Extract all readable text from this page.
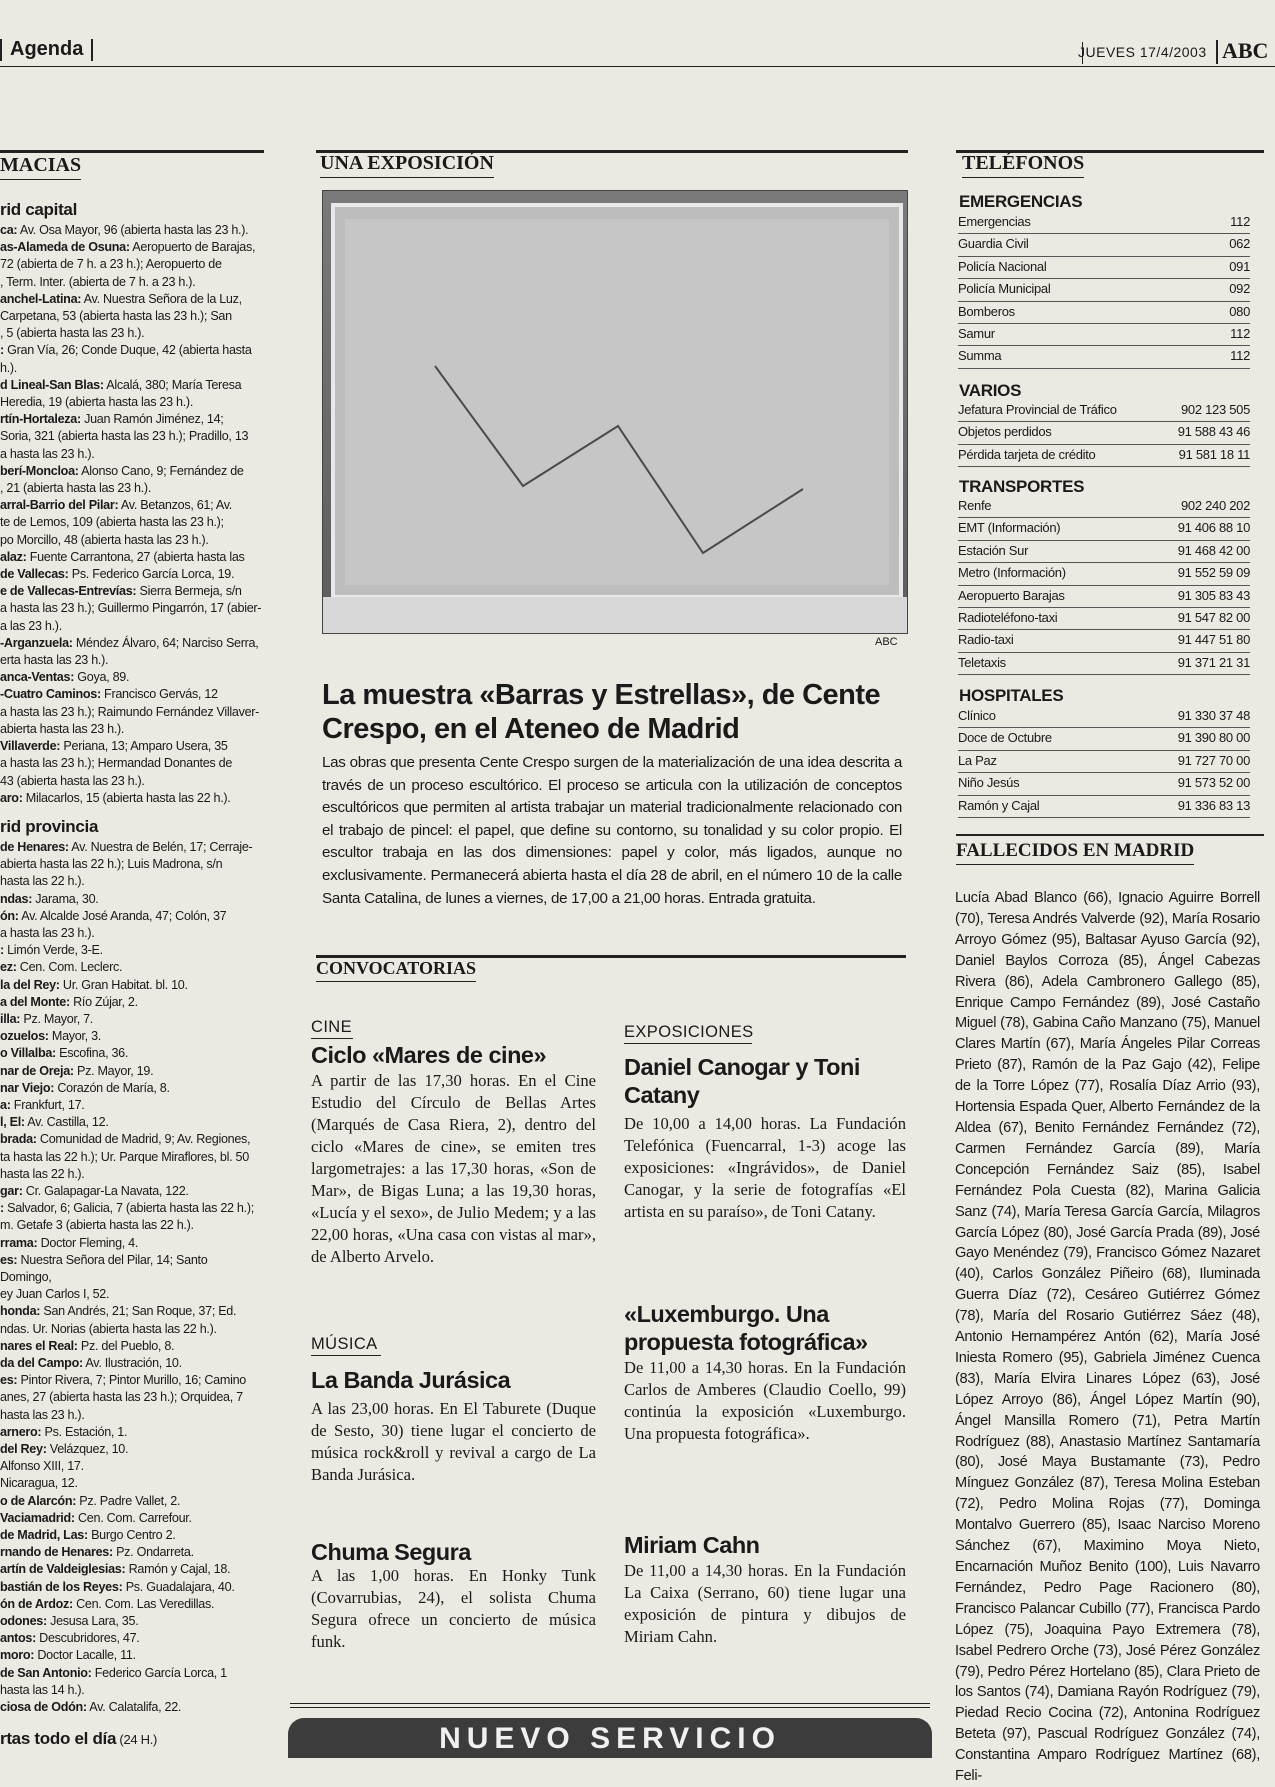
Agenda	JUEVES 17/4/2003 ABC
MACIAS
rid capital
ca: Av. Osa Mayor, 96 (abierta hasta las 23 h.).
as-Alameda de Osuna: Aeropuerto de Barajas,
72 (abierta de 7 h. a 23 h.); Aeropuerto de
, Term. Inter. (abierta de 7 h. a 23 h.).
anchel-Latina: Av. Nuestra Señora de la Luz,
Carpetana, 53 (abierta hasta las 23 h.); San
, 5 (abierta hasta las 23 h.).
: Gran Vía, 26; Conde Duque, 42 (abierta hasta
h.).
d Lineal-San Blas: Alcalá, 380; María Teresa
Heredia, 19 (abierta hasta las 23 h.).
rtín-Hortaleza: Juan Ramón Jiménez, 14;
Soria, 321 (abierta hasta las 23 h.); Pradillo, 13
a hasta las 23 h.).
berí-Moncloa: Alonso Cano, 9; Fernández de
, 21 (abierta hasta las 23 h.).
arral-Barrio del Pilar: Av. Betanzos, 61; Av.
te de Lemos, 109 (abierta hasta las 23 h.);
po Morcillo, 48 (abierta hasta las 23 h.).
alaz: Fuente Carrantona, 27 (abierta hasta las
de Vallecas: Ps. Federico García Lorca, 19.
e de Vallecas-Entrevías: Sierra Bermeja, s/n
a hasta las 23 h.); Guillermo Pingarrón, 17 (abier-
a las 23 h.).
-Arganzuela: Méndez Álvaro, 64; Narciso Serra,
erta hasta las 23 h.).
anca-Ventas: Goya, 89.
-Cuatro Caminos: Francisco Gervás, 12
a hasta las 23 h.); Raimundo Fernández Villaver-
abierta hasta las 23 h.).
Villaverde: Periana, 13; Amparo Usera, 35
a hasta las 23 h.); Hermandad Donantes de
43 (abierta hasta las 23 h.).
aro: Milacarlos, 15 (abierta hasta las 22 h.).
rid provincia
de Henares: Av. Nuestra de Belén, 17; Cerraje-
abierta hasta las 22 h.); Luis Madrona, s/n
hasta las 22 h.).
ndas: Jarama, 30.
ón: Av. Alcalde José Aranda, 47; Colón, 37
a hasta las 23 h.).
: Limón Verde, 3-E.
ez: Cen. Com. Leclerc.
la del Rey: Ur. Gran Habitat. bl. 10.
a del Monte: Río Zújar, 2.
illa: Pz. Mayor, 7.
ozuelos: Mayor, 3.
o Villalba: Escofina, 36.
nar de Oreja: Pz. Mayor, 19.
nar Viejo: Corazón de María, 8.
a: Frankfurt, 17.
l, El: Av. Castilla, 12.
brada: Comunidad de Madrid, 9; Av. Regiones,
ta hasta las 22 h.); Ur. Parque Miraflores, bl. 50
hasta las 22 h.).
gar: Cr. Galapagar-La Navata, 122.
: Salvador, 6; Galicia, 7 (abierta hasta las 22 h.);
m. Getafe 3 (abierta hasta las 22 h.).
rrama: Doctor Fleming, 4.
es: Nuestra Señora del Pilar, 14; Santo Domingo,
ey Juan Carlos I, 52.
honda: San Andrés, 21; San Roque, 37; Ed.
ndas. Ur. Norias (abierta hasta las 22 h.).
nares el Real: Pz. del Pueblo, 8.
da del Campo: Av. Ilustración, 10.
es: Pintor Rivera, 7; Pintor Murillo, 16; Camino
anes, 27 (abierta hasta las 23 h.); Orquidea, 7
hasta las 23 h.).
arnero: Ps. Estación, 1.
del Rey: Velázquez, 10.
Alfonso XIII, 17.
Nicaragua, 12.
o de Alarcón: Pz. Padre Vallet, 2.
Vaciamadrid: Cen. Com. Carrefour.
de Madrid, Las: Burgo Centro 2.
rnando de Henares: Pz. Ondarreta.
artín de Valdeiglesias: Ramón y Cajal, 18.
bastián de los Reyes: Ps. Guadalajara, 40.
ón de Ardoz: Cen. Com. Las Veredillas.
odones: Jesusa Lara, 35.
antos: Descubridores, 47.
moro: Doctor Lacalle, 11.
de San Antonio: Federico García Lorca, 1
hasta las 14 h.).
ciosa de Odón: Av. Calatalifa, 22.
rtas todo el día (24 H.)
UNA EXPOSICIÓN
ABC
La muestra «Barras y Estrellas», de Cente Crespo, en el Ateneo de Madrid
Las obras que presenta Cente Crespo surgen de la materialización de una idea descrita a través de un proceso escultórico. El proceso se articula con la utilización de conceptos escultóricos que permiten al artista trabajar un material tradicionalmente relacionado con el trabajo de pincel: el papel, que define su contorno, su tonalidad y su color propio. El escultor trabaja en las dos dimensiones: papel y color, más ligados, aunque no exclusivamente. Permanecerá abierta hasta el día 28 de abril, en el número 10 de la calle Santa Catalina, de lunes a viernes, de 17,00 a 21,00 horas. Entrada gratuita.
CONVOCATORIAS
CINE
Ciclo «Mares de cine»
A partir de las 17,30 horas. En el Cine Estudio del Círculo de Bellas Artes (Marqués de Casa Riera, 2), dentro del ciclo «Mares de cine», se emiten tres largometrajes: a las 17,30 horas, «Son de Mar», de Bigas Luna; a las 19,30 horas, «Lucía y el sexo», de Julio Medem; y a las 22,00 horas, «Una casa con vistas al mar», de Alberto Arvelo.
MÚSICA
La Banda Jurásica
A las 23,00 horas. En El Taburete (Duque de Sesto, 30) tiene lugar el concierto de música rock&roll y revival a cargo de La Banda Jurásica.
Chuma Segura
A las 1,00 horas. En Honky Tunk (Covarrubias, 24), el solista Chuma Segura ofrece un concierto de música funk.
EXPOSICIONES
Daniel Canogar y Toni Catany
De 10,00 a 14,00 horas. La Fundación Telefónica (Fuencarral, 1-3) acoge las exposiciones: «Ingrávidos», de Daniel Canogar, y la serie de fotografías «El artista en su paraíso», de Toni Catany.
«Luxemburgo. Una propuesta fotográfica»
De 11,00 a 14,30 horas. En la Fundación Carlos de Amberes (Claudio Coello, 99) continúa la exposición «Luxemburgo. Una propuesta fotográfica».
Miriam Cahn
De 11,00 a 14,30 horas. En la Fundación La Caixa (Serrano, 60) tiene lugar una exposición de pintura y dibujos de Miriam Cahn.
NUEVO SERVICIO
TELÉFONOS
EMERGENCIAS
Emergencias	112
Guardia Civil	062
Policía Nacional	091
Policía Municipal	092
Bomberos	080
Samur	112
Summa	112
VARIOS
Jefatura Provincial de Tráfico	902 123 505
Objetos perdidos	91 588 43 46
Pérdida tarjeta de crédito	91 581 18 11
TRANSPORTES
Renfe	902 240 202
EMT (Información)	91 406 88 10
Estación Sur	91 468 42 00
Metro (Información)	91 552 59 09
Aeropuerto Barajas	91 305 83 43
Radioteléfono-taxi	91 547 82 00
Radio-taxi	91 447 51 80
Teletaxis	91 371 21 31
HOSPITALES
Clínico	91 330 37 48
Doce de Octubre	91 390 80 00
La Paz	91 727 70 00
Niño Jesús	91 573 52 00
Ramón y Cajal	91 336 83 13
FALLECIDOS EN MADRID
Lucía Abad Blanco (66), Ignacio Aguirre Borrell (70), Teresa Andrés Valverde (92), María Rosario Arroyo Gómez (95), Baltasar Ayuso García (92), Daniel Baylos Corroza (85), Ángel Cabezas Rivera (86), Adela Cambronero Gallego (85), Enrique Campo Fernández (89), José Castaño Miguel (78), Gabina Caño Manzano (75), Manuel Clares Martín (67), María Ángeles Pilar Correas Prieto (87), Ramón de la Paz Gajo (42), Felipe de la Torre López (77), Rosalía Díaz Arrio (93), Hortensia Espada Quer, Alberto Fernández de la Aldea (67), Benito Fernández Fernández (72), Carmen Fernández García (89), María Concepción Fernández Saiz (85), Isabel Fernández Pola Cuesta (82), Marina Galicia Sanz (74), María Teresa García García, Milagros García López (80), José García Prada (89), José Gayo Menéndez (79), Francisco Gómez Nazaret (40), Carlos González Piñeiro (68), Iluminada Guerra Díaz (72), Cesáreo Gutiérrez Gómez (78), María del Rosario Gutiérrez Sáez (48), Antonio Hernampérez Antón (62), María José Iniesta Romero (95), Gabriela Jiménez Cuenca (83), María Elvira Linares López (63), José López Arroyo (86), Ángel López Martín (90), Ángel Mansilla Romero (71), Petra Martín Rodríguez (88), Anastasio Martínez Santamaría (80), José Maya Bustamante (73), Pedro Mínguez González (87), Teresa Molina Esteban (72), Pedro Molina Rojas (77), Dominga Montalvo Guerrero (85), Isaac Narciso Moreno Sánchez (67), Maximino Moya Nieto, Encarnación Muñoz Benito (100), Luis Navarro Fernández, Pedro Page Racionero (80), Francisco Palancar Cubillo (77), Francisca Pardo López (75), Joaquina Payo Extremera (78), Isabel Pedrero Orche (73), José Pérez González (79), Pedro Pérez Hortelano (85), Clara Prieto de los Santos (74), Damiana Rayón Rodríguez (79), Piedad Recio Cocina (72), Antonina Rodríguez Beteta (97), Pascual Rodríguez González (74), Constantina Amparo Rodríguez Martínez (68), Feli-
